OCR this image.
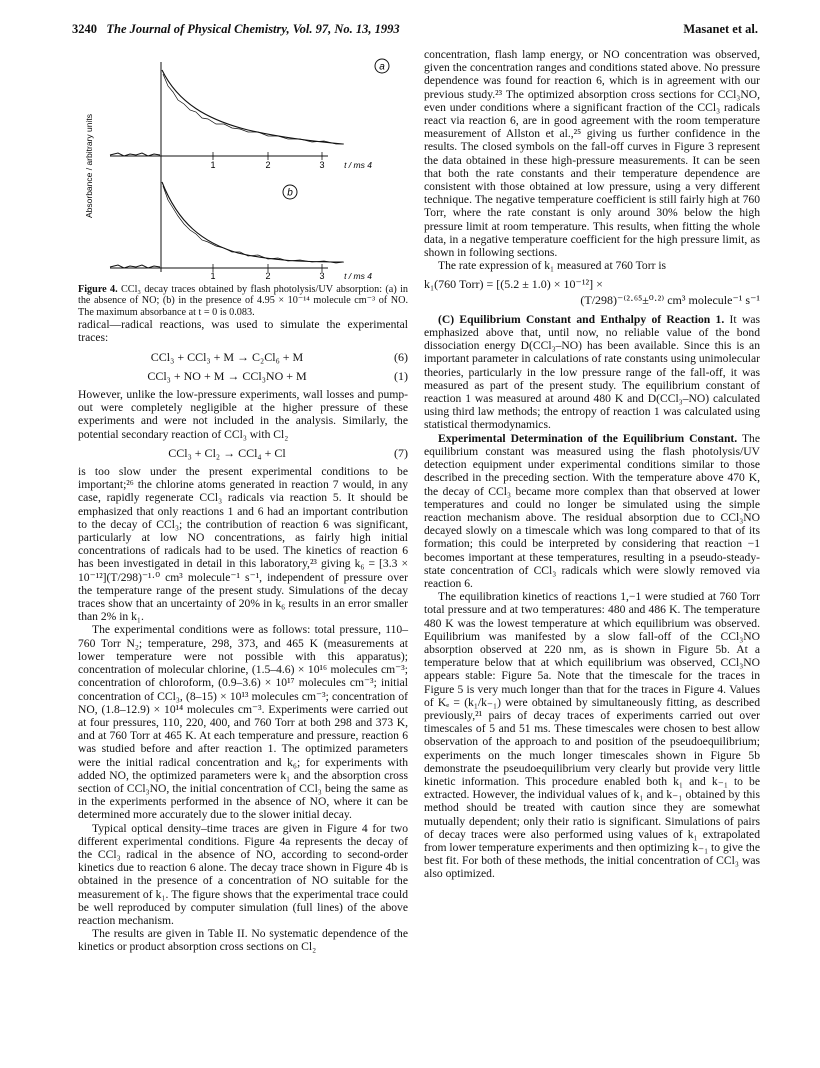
3240 The Journal of Physical Chemistry, Vol. 97, No. 13, 1993	Masanet et al.
Absorbance / arbitrary units	1	2	3 t / ms 4
a
1	2	3 t / ms 4
b

Figure 4. CCl₃ decay traces obtained by flash photolysis/UV absorption: (a) in the absence of NO; (b) in the presence of 4.95 × 10⁻¹⁴ molecule cm⁻³ of NO. The maximum absorbance at t = 0 is 0.083.

radical—radical reactions, was used to simulate the experimental traces:

CCl₃ + CCl₃ + M → C₂Cl₆ + M	(6)
CCl₃ + NO + M → CCl₃NO + M	(1)

However, unlike the low-pressure experiments, wall losses and pump-out were completely negligible at the higher pressure of these experiments and were not included in the analysis. Similarly, the potential secondary reaction of CCl₃ with Cl₂

CCl₃ + Cl₂ → CCl₄ + Cl	(7)

is too slow under the present experimental conditions to be important;²⁶ the chlorine atoms generated in reaction 7 would, in any case, rapidly regenerate CCl₃ radicals via reaction 5. It should be emphasized that only reactions 1 and 6 had an important contribution to the decay of CCl₃; the contribution of reaction 6 was significant, particularly at low NO concentrations, as fairly high initial concentrations of radicals had to be used. The kinetics of reaction 6 has been investigated in detail in this laboratory,²³ giving k₆ = [3.3 × 10⁻¹²](T/298)⁻¹·⁰ cm³ molecule⁻¹ s⁻¹, independent of pressure over the temperature range of the present study. Simulations of the decay traces show that an uncertainty of 20% in k₆ results in an error smaller than 2% in k₁.

The experimental conditions were as follows: total pressure, 110–760 Torr N₂; temperature, 298, 373, and 465 K (measurements at lower temperature were not possible with this apparatus); concentration of molecular chlorine, (1.5–4.6) × 10¹⁶ molecules cm⁻³; concentration of chloroform, (0.9–3.6) × 10¹⁷ molecules cm⁻³; initial concentration of CCl₃, (8–15) × 10¹³ molecules cm⁻³; concentration of NO, (1.8–12.9) × 10¹⁴ molecules cm⁻³. Experiments were carried out at four pressures, 110, 220, 400, and 760 Torr at both 298 and 373 K, and at 760 Torr at 465 K. At each temperature and pressure, reaction 6 was studied before and after reaction 1. The optimized parameters were the initial radical concentration and k₆; for experiments with added NO, the optimized parameters were k₁ and the absorption cross section of CCl₃NO, the initial concentration of CCl₃ being the same as in the experiments performed in the absence of NO, where it can be determined more accurately due to the slower initial decay.

Typical optical density–time traces are given in Figure 4 for two different experimental conditions. Figure 4a represents the decay of the CCl₃ radical in the absence of NO, according to second-order kinetics due to reaction 6 alone. The decay trace shown in Figure 4b is obtained in the presence of a concentration of NO suitable for the measurement of k₁. The figure shows that the experimental trace could be well reproduced by computer simulation (full lines) of the above reaction mechanism.

The results are given in Table II. No systematic dependence of the kinetics or product absorption cross sections on Cl₂

concentration, flash lamp energy, or NO concentration was observed, given the concentration ranges and conditions stated above. No pressure dependence was found for reaction 6, which is in agreement with our previous study.²³ The optimized absorption cross sections for CCl₃NO, even under conditions where a significant fraction of the CCl₃ radicals react via reaction 6, are in good agreement with the room temperature measurement of Allston et al.,²⁵ giving us further confidence in the results. The closed symbols on the fall-off curves in Figure 3 represent the data obtained in these high-pressure measurements. It can be seen that both the rate constants and their temperature dependence are consistent with those obtained at low pressure, using a very different technique. The negative temperature coefficient is still fairly high at 760 Torr, where the rate constant is only around 30% below the high pressure limit at room temperature. This results, when fitting the whole data, in a negative temperature coefficient for the high pressure limit, as shown in following sections.

The rate expression of k₁ measured at 760 Torr is

k₁(760 Torr) = [(5.2 ± 1.0) × 10⁻¹²] ×
(T/298)⁻⁽²·⁶⁵±⁰·²⁾ cm³ molecule⁻¹ s⁻¹

(C) Equilibrium Constant and Enthalpy of Reaction 1. It was emphasized above that, until now, no reliable value of the bond dissociation energy D(CCl₃–NO) has been available. Since this is an important parameter in calculations of rate constants using unimolecular theories, particularly in the low pressure range of the fall-off, it was measured as part of the present study. The equilibrium constant of reaction 1 was measured at around 480 K and D(CCl₃–NO) calculated using third law methods; the entropy of reaction 1 was calculated using statistical thermodynamics.

Experimental Determination of the Equilibrium Constant. The equilibrium constant was measured using the flash photolysis/UV detection equipment under experimental conditions similar to those described in the preceding section. With the temperature above 470 K, the decay of CCl₃ became more complex than that observed at lower temperatures and could no longer be simulated using the simple reaction mechanism above. The residual absorption due to CCl₃NO decayed slowly on a timescale which was long compared to that of its formation; this could be interpreted by considering that reaction −1 becomes important at these temperatures, resulting in a pseudo-steady-state concentration of CCl₃ radicals which were slowly removed via reaction 6.

The equilibration kinetics of reactions 1,−1 were studied at 760 Torr total pressure and at two temperatures: 480 and 486 K. The temperature 480 K was the lowest temperature at which equilibrium was observed. Equilibrium was manifested by a slow fall-off of the CCl₃NO absorption observed at 220 nm, as is shown in Figure 5b. At a temperature below that at which equilibrium was observed, CCl₃NO appears stable: Figure 5a. Note that the timescale for the traces in Figure 5 is very much longer than that for the traces in Figure 4. Values of Kₑ = (k₁/k₋₁) were obtained by simultaneously fitting, as described previously,²¹ pairs of decay traces of experiments carried out over timescales of 5 and 51 ms. These timescales were chosen to best allow observation of the approach to and position of the pseudoequilibrium; experiments on the much longer timescales shown in Figure 5b demonstrate the pseudoequilibrium very clearly but provide very little kinetic information. This procedure enabled both k₁ and k₋₁ to be extracted. However, the individual values of k₁ and k₋₁ obtained by this method should be treated with caution since they are somewhat mutually dependent; only their ratio is significant. Simulations of pairs of decay traces were also performed using values of k₁ extrapolated from lower temperature experiments and then optimizing k₋₁ to give the best fit. For both of these methods, the initial concentration of CCl₃ was also optimized.
